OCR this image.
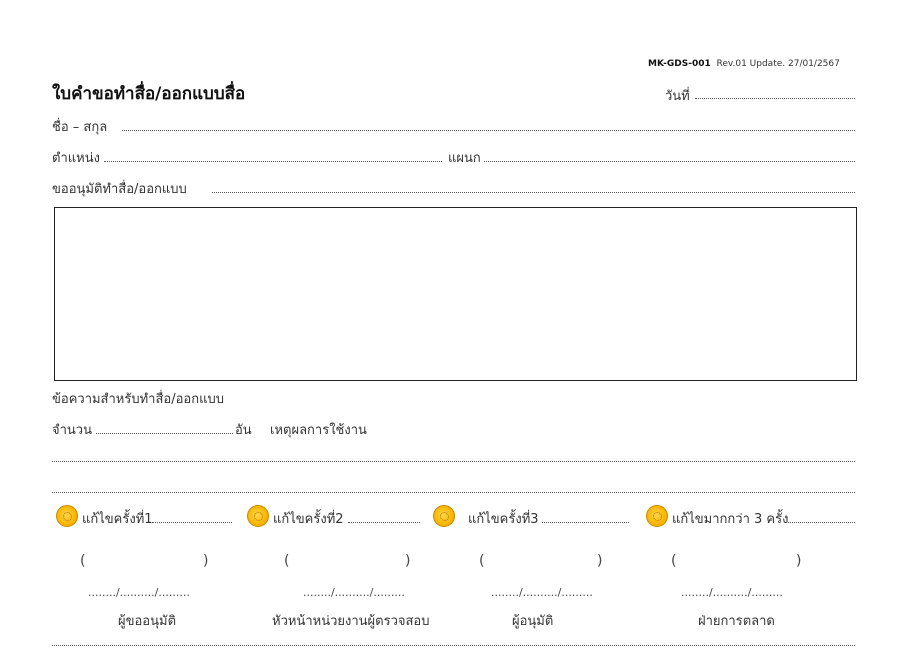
MK-GDS-001 Rev.01 Update. 27/01/2567
ใบคำขอทำสื่อ/ออกแบบสื่อ	วันที่
ชื่อ – สกุล
ตำแหน่ง	แผนก
ขออนุมัติทำสื่อ/ออกแบบ
ข้อความสำหรับทำสื่อ/ออกแบบ
จำนวน	อัน เหตุผลการใช้งาน
แก้ไขครั้งที่1	แก้ไขครั้งที่2	แก้ไขครั้งที่3	แก้ไขมากกว่า 3 ครั้ง
(	)	(	)	(	)	(	)
......../........../.........	......../........../.........	......../........../.........	......../........../.........
ผู้ขออนุมัติ	หัวหน้าหน่วยงานผู้ตรวจสอบ	ผู้อนุมัติ	ฝ่ายการตลาด
